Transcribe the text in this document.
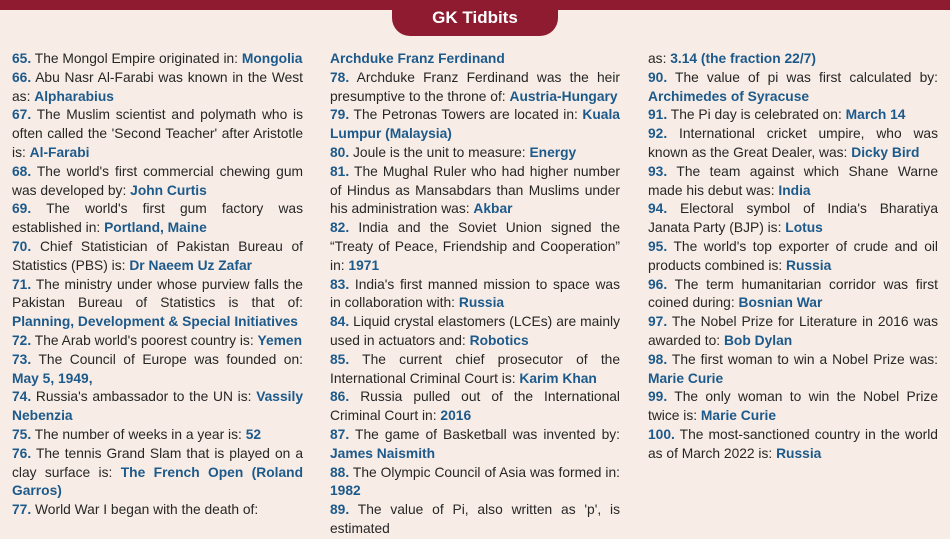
GK Tidbits

65. The Mongol Empire originated in: Mongolia

66. Abu Nasr Al-Farabi was known in the West as: Alpharabius

67. The Muslim scientist and polymath who is often called the 'Second Teacher' after Aristotle is: Al-Farabi

68. The world's first commercial chewing gum was developed by: John Curtis

69. The world's first gum factory was established in: Portland, Maine

70. Chief Statistician of Pakistan Bureau of Statistics (PBS) is: Dr Naeem Uz Zafar

71. The ministry under whose purview falls the Pakistan Bureau of Statistics is that of: Planning, Development & Special Initiatives

72. The Arab world's poorest country is: Yemen

73. The Council of Europe was founded on: May 5, 1949,

74. Russia's ambassador to the UN is: Vassily Nebenzia

75. The number of weeks in a year is: 52

76. The tennis Grand Slam that is played on a clay surface is: The French Open (Roland Garros)

77. World War I began with the death of:

Archduke Franz Ferdinand

78. Archduke Franz Ferdinand was the heir presumptive to the throne of: Austria-Hungary

79. The Petronas Towers are located in: Kuala Lumpur (Malaysia)

80. Joule is the unit to measure: Energy

81. The Mughal Ruler who had higher number of Hindus as Mansabdars than Muslims under his administration was: Akbar

82. India and the Soviet Union signed the “Treaty of Peace, Friendship and Cooperation” in: 1971

83. India's first manned mission to space was in collaboration with: Russia

84. Liquid crystal elastomers (LCEs) are mainly used in actuators and: Robotics

85. The current chief prosecutor of the International Criminal Court is: Karim Khan

86. Russia pulled out of the International Criminal Court in: 2016

87. The game of Basketball was invented by: James Naismith

88. The Olympic Council of Asia was formed in: 1982

89. The value of Pi, also written as 'p', is estimated

as: 3.14 (the fraction 22/7)

90. The value of pi was first calculated by: Archimedes of Syracuse

91. The Pi day is celebrated on: March 14

92. International cricket umpire, who was known as the Great Dealer, was: Dicky Bird

93. The team against which Shane Warne made his debut was: India

94. Electoral symbol of India's Bharatiya Janata Party (BJP) is: Lotus

95. The world's top exporter of crude and oil products combined is: Russia

96. The term humanitarian corridor was first coined during: Bosnian War

97. The Nobel Prize for Literature in 2016 was awarded to: Bob Dylan

98. The first woman to win a Nobel Prize was: Marie Curie

99. The only woman to win the Nobel Prize twice is: Marie Curie

100. The most-sanctioned country in the world as of March 2022 is: Russia
